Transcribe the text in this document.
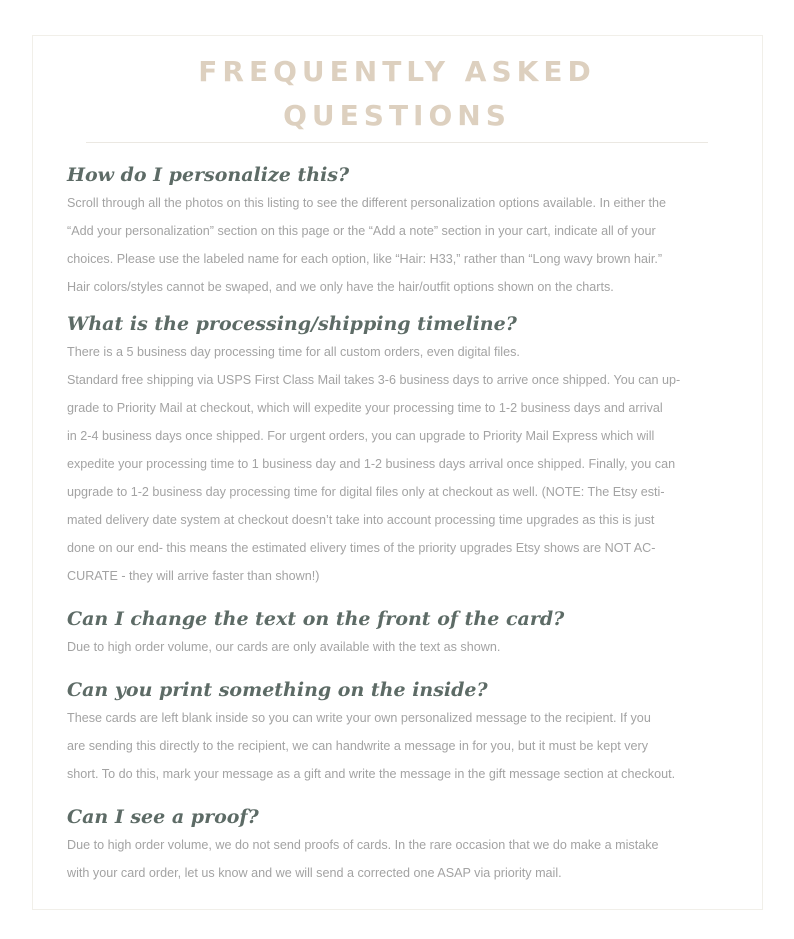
FREQUENTLY ASKED
QUESTIONS
How do I personalize this?

Scroll through all the photos on this listing to see the different personalization options available. In either the

“Add your personalization” section on this page or the “Add a note” section in your cart, indicate all of your

choices. Please use the labeled name for each option, like “Hair: H33,” rather than “Long wavy brown hair.”

Hair colors/styles cannot be swaped, and we only have the hair/outfit options shown on the charts.

What is the processing/shipping timeline?

There is a 5 business day processing time for all custom orders, even digital files.

Standard free shipping via USPS First Class Mail takes 3-6 business days to arrive once shipped. You can up-

grade to Priority Mail at checkout, which will expedite your processing time to 1-2 business days and arrival

in 2-4 business days once shipped. For urgent orders, you can upgrade to Priority Mail Express which will

expedite your processing time to 1 business day and 1-2 business days arrival once shipped. Finally, you can

upgrade to 1-2 business day processing time for digital files only at checkout as well. (NOTE: The Etsy esti-

mated delivery date system at checkout doesn’t take into account processing time upgrades as this is just

done on our end- this means the estimated elivery times of the priority upgrades Etsy shows are NOT AC-

CURATE - they will arrive faster than shown!)

Can I change the text on the front of the card?

Due to high order volume, our cards are only available with the text as shown.

Can you print something on the inside?

These cards are left blank inside so you can write your own personalized message to the recipient. If you

are sending this directly to the recipient, we can handwrite a message in for you, but it must be kept very

short. To do this, mark your message as a gift and write the message in the gift message section at checkout.

Can I see a proof?

Due to high order volume, we do not send proofs of cards. In the rare occasion that we do make a mistake

with your card order, let us know and we will send a corrected one ASAP via priority mail.
